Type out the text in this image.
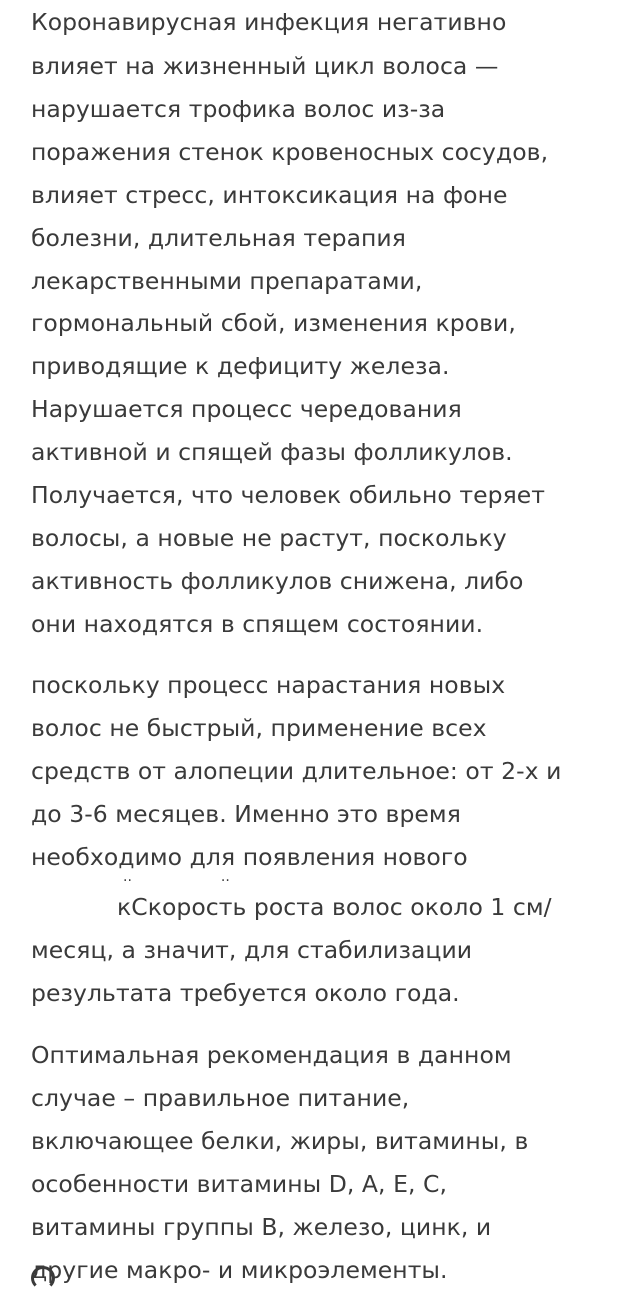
Коронавирусная инфекция негативно
влияет на жизненный цикл волоса —
нарушается трофика волос из-за
поражения стенок кровеносных сосудов,
влияет стресс, интоксикация на фоне
болезни, длительная терапия
лекарственными препаратами,
гормональный сбой, изменения крови,
приводящие к дефициту железа.
Нарушается процесс чередования
активной и спящей фазы фолликулов.
Получается, что человек обильно теряет
волосы, а новые не растут, поскольку
активность фолликулов снижена, либо
они находятся в спящем состоянии.
поскольку процесс нарастания новых
волос не быстрый, применение всех
средств от алопеции длительное: от 2-х и
до 3-6 месяцев. Именно это время
необходимо для появления нового
··                    ··
кСкорость роста волос около 1 см/
месяц, а значит, для стабилизации
результата требуется около года.
Оптимальная рекомендация в данном
случае – правильное питание,
включающее белки, жиры, витамины, в
особенности витамины D, A, E, C,
витамины группы В, железо, цинк, и
другие макро- и микроэлементы.
